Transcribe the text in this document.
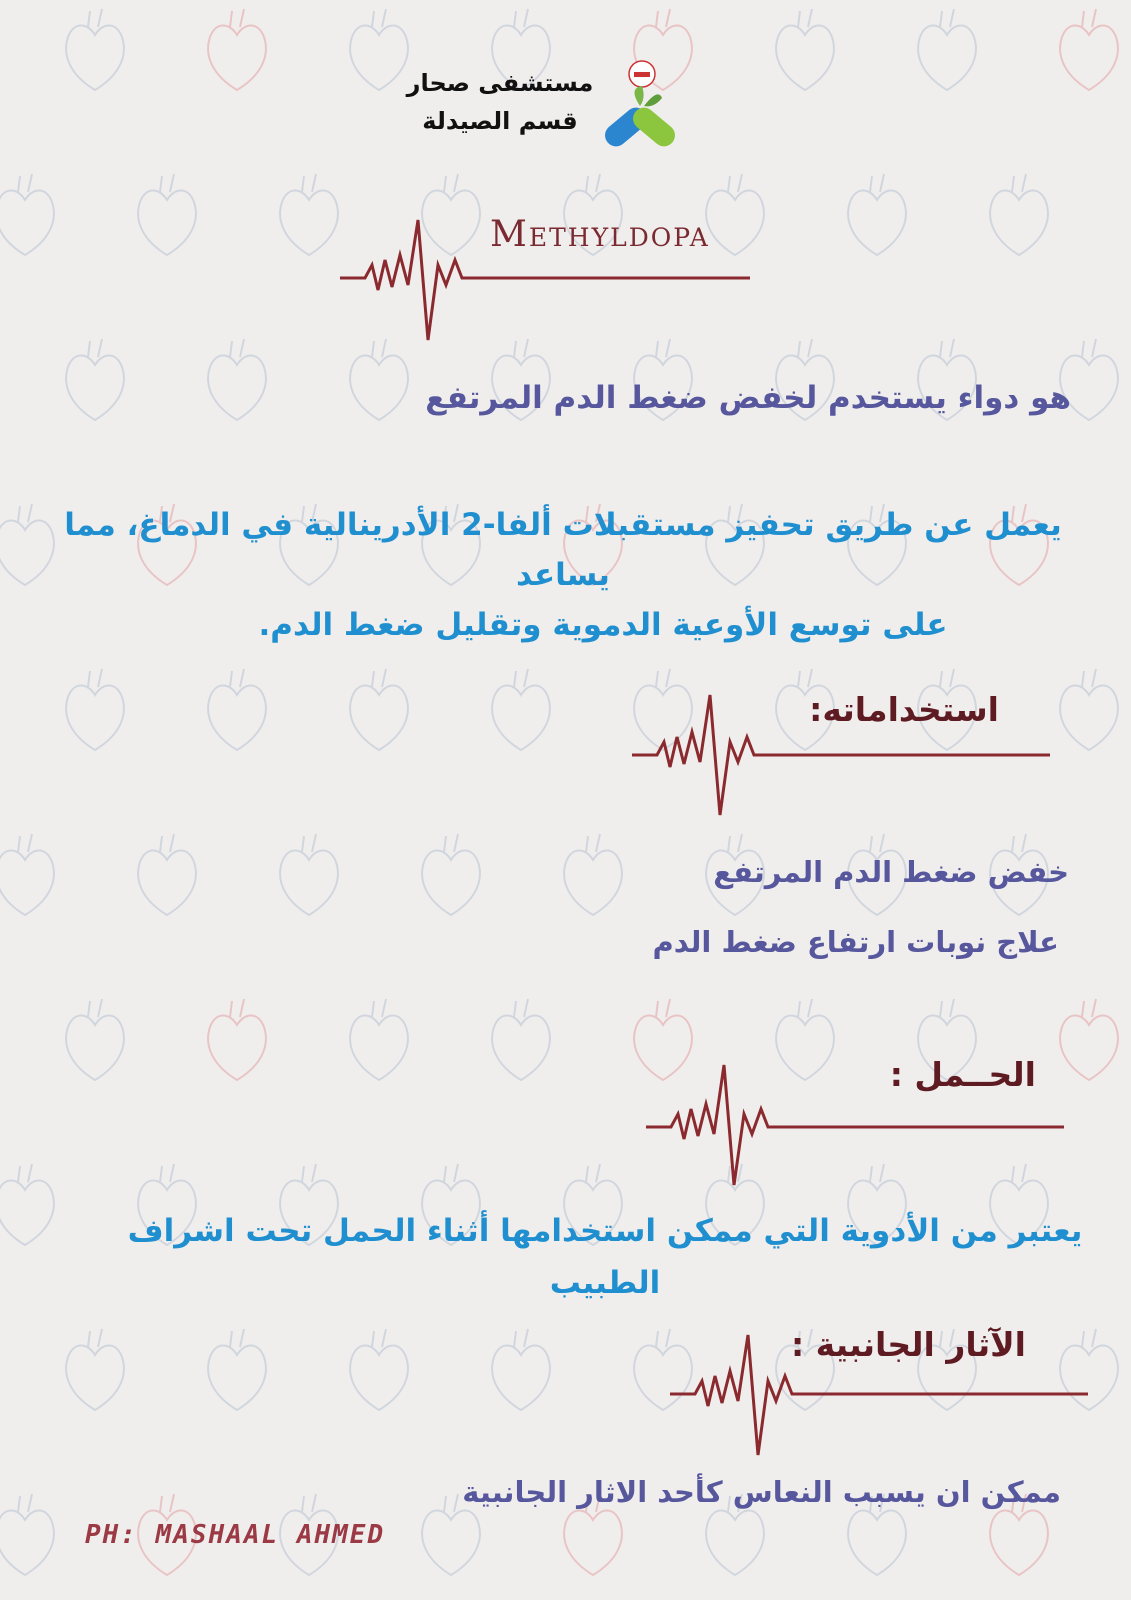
مستشفى صحار
قسم الصيدلة
Methyldopa
هو دواء يستخدم لخفض ضغط الدم المرتفع
يعمل عن طريق تحفيز مستقبلات ألفا-2 الأدرينالية في الدماغ، مما يساعد
على توسع الأوعية الدموية وتقليل ضغط الدم.
استخداماته:
خفض ضغط الدم المرتفع
علاج نوبات ارتفاع ضغط الدم
الحــمل :
يعتبر من الأدوية التي ممكن استخدامها أثناء الحمل تحت اشراف
الطبيب
الآثار الجانبية :
ممكن ان يسبب النعاس كأحد الاثار الجانبية
PH: MASHAAL AHMED
